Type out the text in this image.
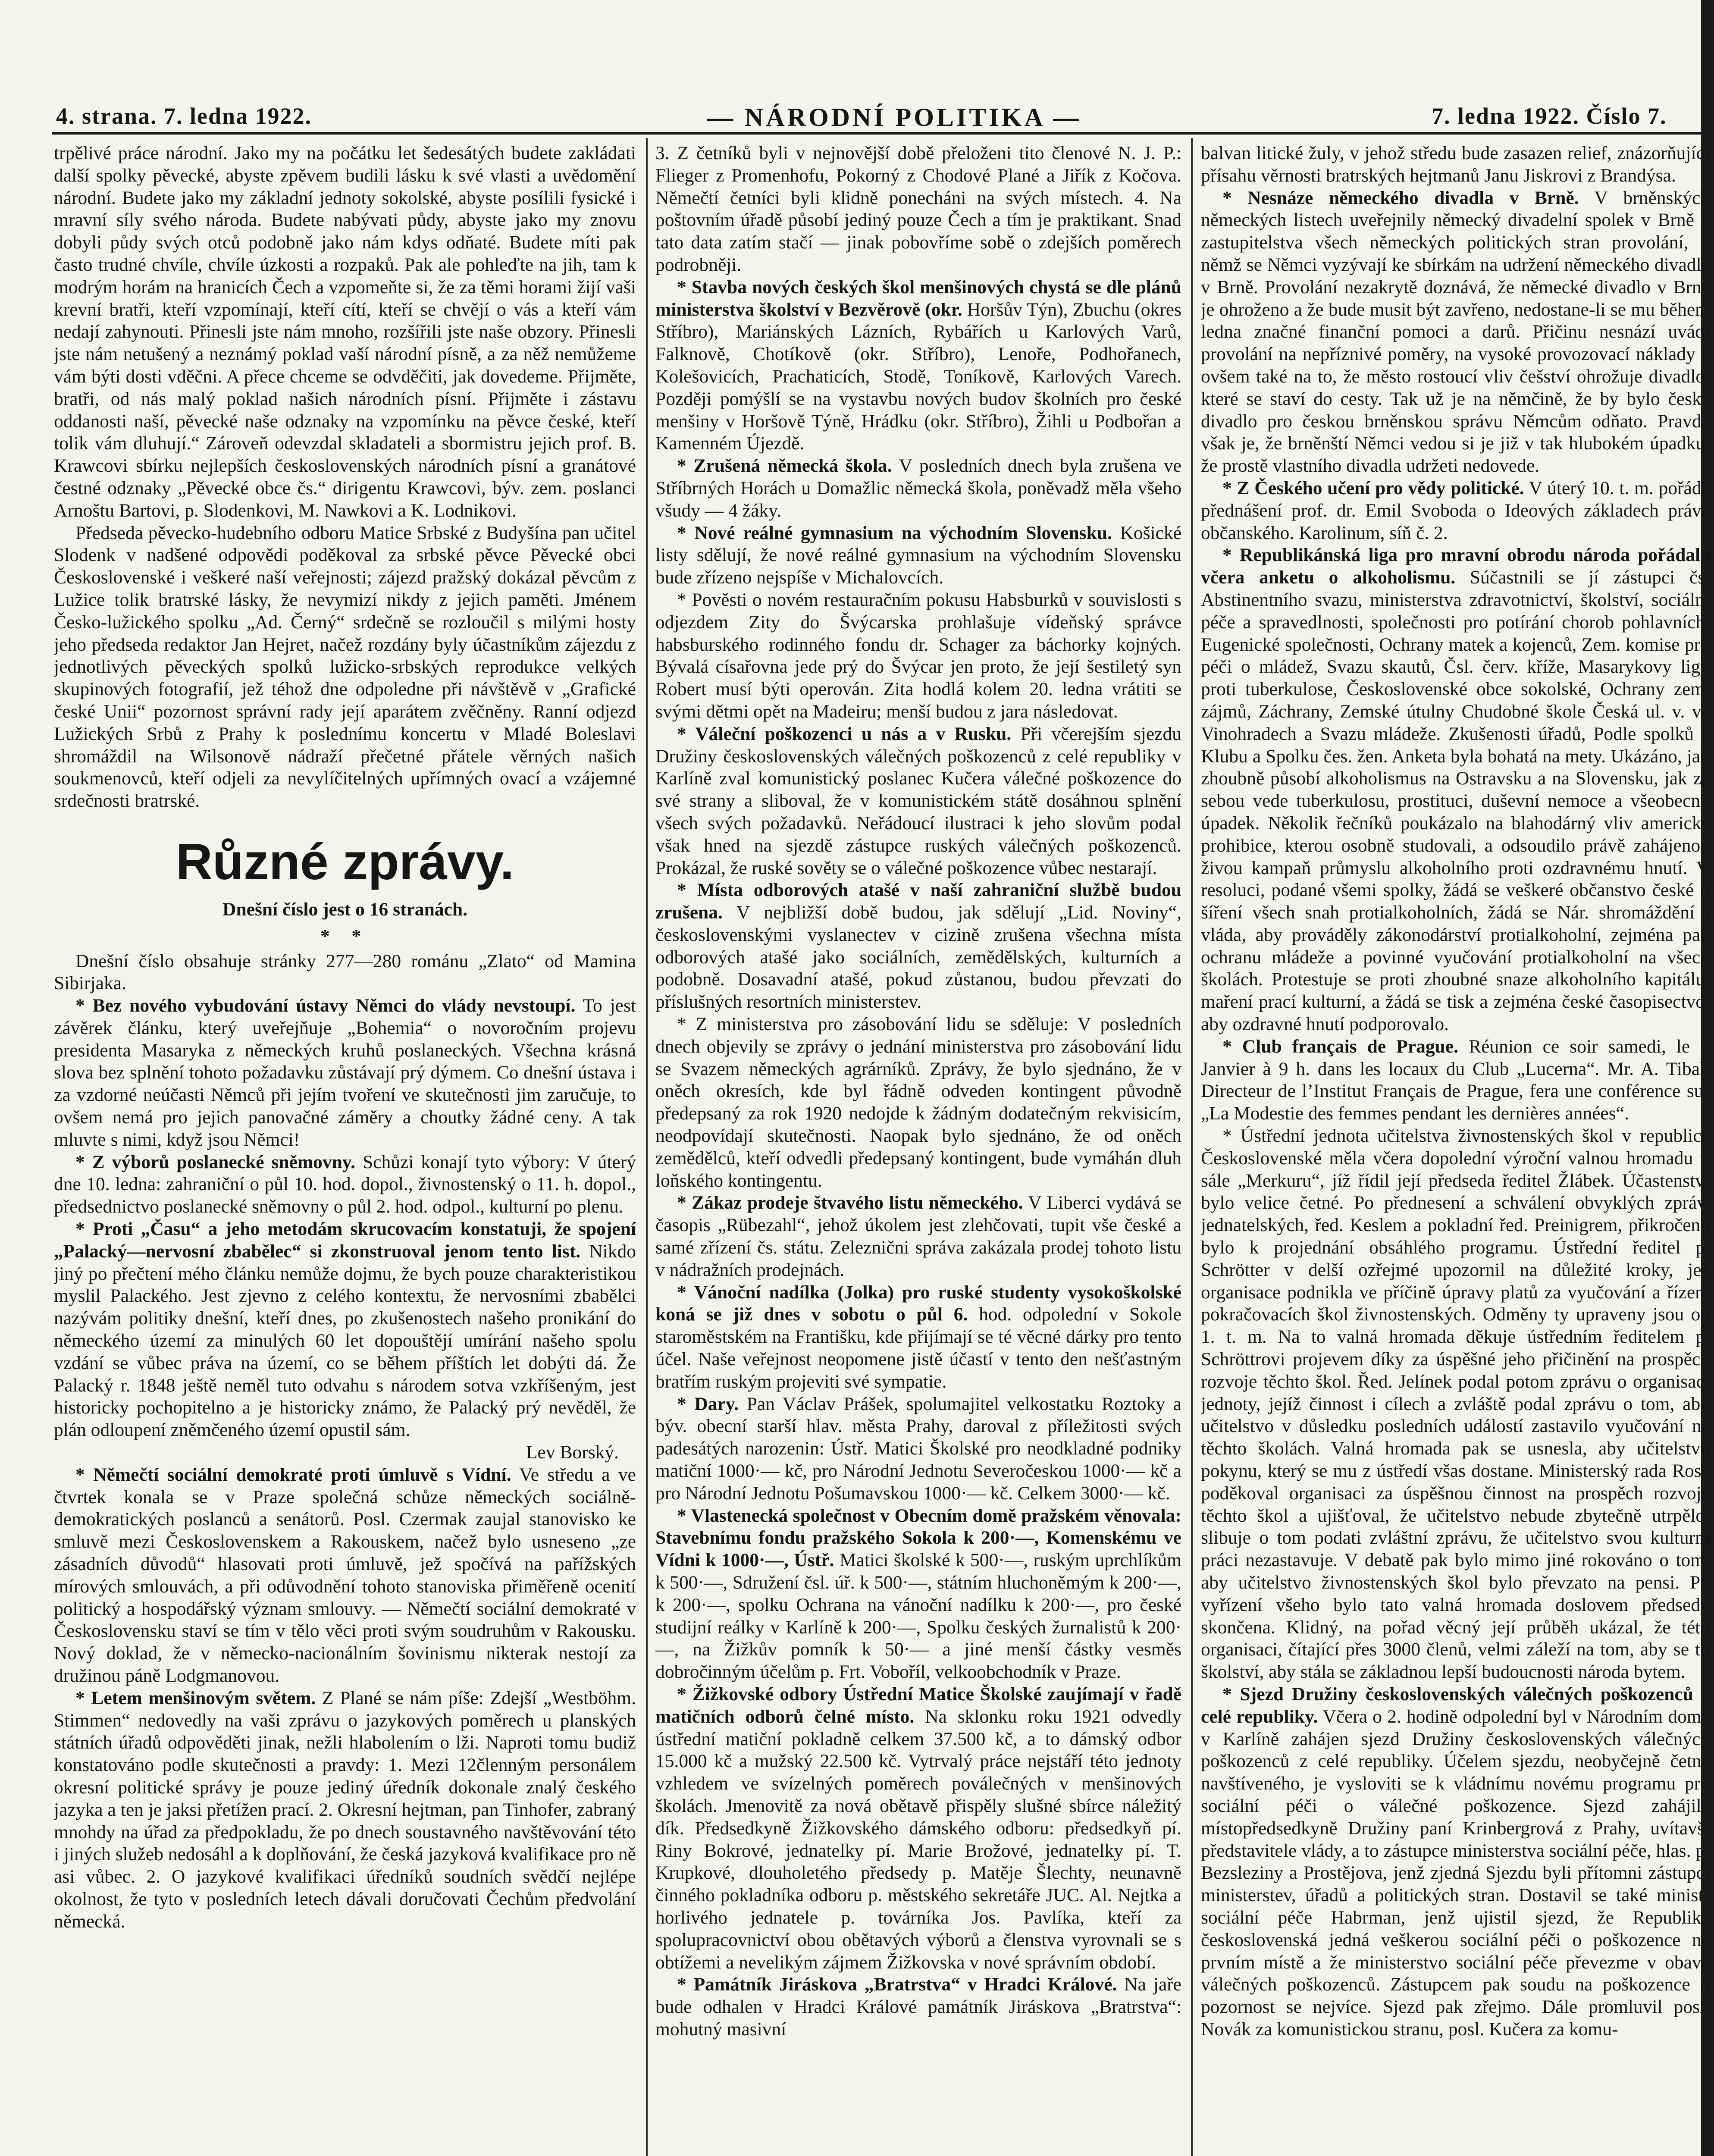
4. strana. 7. ledna 1922.	— NÁRODNÍ POLITIKA —	7. ledna 1922. Číslo 7.

trpělivé práce národní. Jako my na počátku let šedesátých budete zakládati další spolky pěvecké, abyste zpěvem budili lásku k své vlasti a uvědomění národní. Budete jako my základní jednoty sokolské, abyste posílili fysické i mravní síly svého národa. Budete nabývati půdy, abyste jako my znovu dobyli půdy svých otců podobně jako nám kdys odňaté. Budete míti pak často trudné chvíle, chvíle úzkosti a rozpaků. Pak ale pohleďte na jih, tam k modrým horám na hranicích Čech a vzpomeňte si, že za těmi horami žijí vaši krevní bratři, kteří vzpomínají, kteří cítí, kteří se chvějí o vás a kteří vám nedají zahynouti. Přinesli jste nám mnoho, rozšířili jste naše obzory. Přinesli jste nám netušený a neznámý poklad vaší národní písně, a za něž nemůžeme vám býti dosti vděčni. A přece chceme se odvděčiti, jak dovedeme. Přijměte, bratři, od nás malý poklad našich národních písní. Přijměte i zástavu oddanosti naší, pěvecké naše odznaky na vzpomínku na pěvce české, kteří tolik vám dluhují.“ Zároveň odevzdal skladateli a sbormistru jejich prof. B. Krawcovi sbírku nejlepších československých národních písní a granátové čestné odznaky „Pěvecké obce čs.“ dirigentu Krawcovi, býv. zem. poslanci Arnoštu Bartovi, p. Slodenkovi, M. Nawkovi a K. Lodnikovi.

Předseda pěvecko-hudebního odboru Matice Srbské z Budyšína pan učitel Slodenk v nadšené odpovědi poděkoval za srbské pěvce Pěvecké obci Československé i veškeré naší veřejnosti; zájezd pražský dokázal pěvcům z Lužice tolik bratrské lásky, že nevymizí nikdy z jejich paměti. Jménem Česko-lužického spolku „Ad. Černý“ srdečně se rozloučil s milými hosty jeho předseda redaktor Jan Hejret, načež rozdány byly účastníkům zájezdu z jednotlivých pěveckých spolků lužicko-srbských reprodukce velkých skupinových fotografií, jež téhož dne odpoledne při návštěvě v „Grafické české Unii“ pozornost správní rady její aparátem zvěčněny. Ranní odjezd Lužických Srbů z Prahy k poslednímu koncertu v Mladé Boleslavi shromáždil na Wilsonově nádraží přečetné přátele věrných našich soukmenovců, kteří odjeli za nevylíčitelných upřímných ovací a vzájemné srdečnosti bratrské.

Různé zprávy.
Dnešní číslo jest o 16 stranách.
* *

Dnešní číslo obsahuje stránky 277—280 románu „Zlato“ od Mamina Sibirjaka.

* Bez nového vybudování ústavy Němci do vlády nevstoupí. To jest závěrek článku, který uveřejňuje „Bohemia“ o novoročním projevu presidenta Masaryka z německých kruhů poslaneckých. Všechna krásná slova bez splnění tohoto požadavku zůstávají prý dýmem. Co dnešní ústava i za vzdorné neúčasti Němců při jejím tvoření ve skutečnosti jim zaručuje, to ovšem nemá pro jejich panovačné záměry a choutky žádné ceny. A tak mluvte s nimi, když jsou Němci!

* Z výborů poslanecké sněmovny. Schůzi konají tyto výbory: V úterý dne 10. ledna: zahraniční o půl 10. hod. dopol., živnostenský o 11. h. dopol., předsednictvo poslanecké sněmovny o půl 2. hod. odpol., kulturní po plenu.

* Proti „Času“ a jeho metodám skrucovacím konstatuji, že spojení „Palacký—nervosní zbabělec“ si zkonstruoval jenom tento list. Nikdo jiný po přečtení mého článku nemůže dojmu, že bych pouze charakteristikou myslil Palackého. Jest zjevno z celého kontextu, že nervosními zbabělci nazývám politiky dnešní, kteří dnes, po zkušenostech našeho pronikání do německého území za minulých 60 let dopouštějí umírání našeho spolu vzdání se vůbec práva na území, co se během příštích let dobýti dá. Že Palacký r. 1848 ještě neměl tuto odvahu s národem sotva vzkříšeným, jest historicky pochopitelno a je historicky známo, že Palacký prý nevěděl, že plán odloupení zněmčeného území opustil sám.

Lev Borský.

* Němečtí sociální demokraté proti úmluvě s Vídní. Ve středu a ve čtvrtek konala se v Praze společná schůze německých sociálně-demokratických poslanců a senátorů. Posl. Czermak zaujal stanovisko ke smluvě mezi Československem a Rakouskem, načež bylo usneseno „ze zásadních důvodů“ hlasovati proti úmluvě, jež spočívá na pařížských mírových smlouvách, a při odůvodnění tohoto stanoviska přiměřeně ocenití politický a hospodářský význam smlouvy. — Němečtí sociální demokraté v Československu staví se tím v tělo věci proti svým soudruhům v Rakousku. Nový doklad, že v německo-nacionálním šovinismu nikterak nestojí za družinou páně Lodgmanovou.

* Letem menšinovým světem. Z Plané se nám píše: Zdejší „Westböhm. Stimmen“ nedovedly na vaši zprávu o jazykových poměrech u planských státních úřadů odpověděti jinak, nežli hlabolením o lži. Naproti tomu budiž konstatováno podle skutečnosti a pravdy: 1. Mezi 12členným personálem okresní politické správy je pouze jediný úředník dokonale znalý českého jazyka a ten je jaksi přetížen prací. 2. Okresní hejtman, pan Tinhofer, zabraný mnohdy na úřad za předpokladu, že po dnech soustavného navštěvování této i jiných služeb nedosáhl a k doplňování, že česká jazyková kvalifikace pro ně asi vůbec. 2. O jazykové kvalifikaci úředníků soudních svědčí nejlépe okolnost, že tyto v posledních letech dávali doručovati Čechům předvolání německá.

3. Z četníků byli v nejnovější době přeloženi tito členové N. J. P.: Flieger z Promenhofu, Pokorný z Chodové Plané a Jiřík z Kočova. Němečtí četníci byli klidně ponecháni na svých místech. 4. Na poštovním úřadě působí jediný pouze Čech a tím je praktikant. Snad tato data zatím stačí — jinak pobovříme sobě o zdejších poměrech podrobněji.

* Stavba nových českých škol menšinových chystá se dle plánů ministerstva školství v Bezvěrově (okr. Horšův Týn), Zbuchu (okres Stříbro), Mariánských Lázních, Rybářích u Karlových Varů, Falknově, Chotíkově (okr. Stříbro), Lenoře, Podhořanech, Kolešovicích, Prachaticích, Stodě, Toníkově, Karlových Varech. Později pomýšlí se na vystavbu nových budov školních pro české menšiny v Horšově Týně, Hrádku (okr. Stříbro), Žihli u Podbořan a Kamenném Újezdě.

* Zrušená německá škola. V posledních dnech byla zrušena ve Stříbrných Horách u Domažlic německá škola, poněvadž měla všeho všudy — 4 žáky.

* Nové reálné gymnasium na východním Slovensku. Košické listy sdělují, že nové reálné gymnasium na východním Slovensku bude zřízeno nejspíše v Michalovcích.

* Pověsti o novém restauračním pokusu Habsburků v souvislosti s odjezdem Zity do Švýcarska prohlašuje vídeňský správce habsburského rodinného fondu dr. Schager za báchorky kojných. Bývalá císařovna jede prý do Švýcar jen proto, že její šestiletý syn Robert musí býti operován. Zita hodlá kolem 20. ledna vrátiti se svými dětmi opět na Madeiru; menší budou z jara následovat.

* Váleční poškozenci u nás a v Rusku. Při včerejším sjezdu Družiny československých válečných poškozenců z celé republiky v Karlíně zval komunistický poslanec Kučera válečné poškozence do své strany a sliboval, že v komunistickém státě dosáhnou splnění všech svých požadavků. Neřádoucí ilustraci k jeho slovům podal však hned na sjezdě zástupce ruských válečných poškozenců. Prokázal, že ruské sověty se o válečné poškozence vůbec nestarají.

* Místa odborových atašé v naší zahraniční službě budou zrušena. V nejbližší době budou, jak sdělují „Lid. Noviny“, československými vyslanectev v cizině zrušena všechna místa odborových atašé jako sociálních, zemědělských, kulturních a podobně. Dosavadní atašé, pokud zůstanou, budou převzati do příslušných resortních ministerstev.

* Z ministerstva pro zásobování lidu se sděluje: V posledních dnech objevily se zprávy o jednání ministerstva pro zásobování lidu se Svazem německých agrárníků. Zprávy, že bylo sjednáno, že v oněch okresích, kde byl řádně odveden kontingent původně předepsaný za rok 1920 nedojde k žádným dodatečným rekvisicím, neodpovídají skutečnosti. Naopak bylo sjednáno, že od oněch zemědělců, kteří odvedli předepsaný kontingent, bude vymáhán dluh loňského kontingentu.

* Zákaz prodeje štvavého listu německého. V Liberci vydává se časopis „Rübezahl“, jehož úkolem jest zlehčovati, tupit vše české a samé zřízení čs. státu. Zeleznični správa zakázala prodej tohoto listu v nádražních prodejnách.

* Vánoční nadílka (Jolka) pro ruské studenty vysokoškolské koná se již dnes v sobotu o půl 6. hod. odpolední v Sokole staroměstském na Františku, kde přijímají se té věcné dárky pro tento účel. Naše veřejnost neopomene jistě účastí v tento den nešťastným bratřím ruským projeviti své sympatie.

* Dary. Pan Václav Prášek, spolumajitel velkostatku Roztoky a býv. obecní starší hlav. města Prahy, daroval z příležitosti svých padesátých narozenin: Ústř. Matici Školské pro neodkladné podniky matiční 1000·— kč, pro Národní Jednotu Severočeskou 1000·— kč a pro Národní Jednotu Pošumavskou 1000·— kč. Celkem 3000·— kč.

* Vlastenecká společnost v Obecním domě pražském věnovala: Stavebnímu fondu pražského Sokola k 200·—, Komenskému ve Vídni k 1000·—, Ústř. Matici školské k 500·—, ruským uprchlíkům k 500·—, Sdružení čsl. úř. k 500·—, státním hluchoněmým k 200·—, k 200·—, spolku Ochrana na vánoční nadílku k 200·—, pro české studijní reálky v Karlíně k 200·—, Spolku českých žurnalistů k 200·—, na Žižkův pomník k 50·— a jiné menší částky vesměs dobročinným účelům p. Frt. Voboříl, velkoobchodník v Praze.

* Žižkovské odbory Ústřední Matice Školské zaujímají v řadě matičních odborů čelné místo. Na sklonku roku 1921 odvedly ústřední matiční pokladně celkem 37.500 kč, a to dámský odbor 15.000 kč a mužský 22.500 kč. Vytrvalý práce nejstáří této jednoty vzhledem ve svízelných poměrech poválečných v menšinových školách. Jmenovitě za nová obětavě přispěly slušné sbírce náležitý dík. Předsedkyně Žižkovského dámského odboru: předsedkyň pí. Riny Bokrové, jednatelky pí. Marie Brožové, jednatelky pí. T. Krupkové, dlouholetého předsedy p. Matěje Šlechty, neunavně činného pokladníka odboru p. městského sekretáře JUC. Al. Nejtka a horlivého jednatele p. továrníka Jos. Pavlíka, kteří za spolupracovnictví obou obětavých výborů a členstva vyrovnali se s obtížemi a nevelikým zájmem Žižkovska v nové správním období.

* Památník Jiráskova „Bratrstva“ v Hradci Králové. Na jaře bude odhalen v Hradci Králové památník Jiráskova „Bratrstva“: mohutný masivní

balvan litické žuly, v jehož středu bude zasazen relief, znázorňující přísahu věrnosti bratrských hejtmanů Janu Jiskrovi z Brandýsa.

* Nesnáze německého divadla v Brně. V brněnských německých listech uveřejnily německý divadelní spolek v Brně a zastupitelstva všech německých politických stran provolání, v němž se Němci vyzývají ke sbírkám na udržení německého divadla v Brně. Provolání nezakrytě doznává, že německé divadlo v Brně je ohroženo a že bude musit být zavřeno, nedostane-li se mu během ledna značné finanční pomoci a darů. Přičinu nesnází uvádí provolání na nepříznivé poměry, na vysoké provozovací náklady a ovšem také na to, že město rostoucí vliv češství ohrožuje divadlo, které se staví do cesty. Tak už je na němčině, že by bylo české divadlo pro českou brněnskou správu Němcům odňato. Pravda však je, že brněnští Němci vedou si je již v tak hlubokém úpadku, že prostě vlastního divadla udržeti nedovede.

* Z Českého učení pro vědy politické. V úterý 10. t. m. pořádá přednášení prof. dr. Emil Svoboda o Ideových základech práva občanského. Karolinum, síň č. 2.

* Republikánská liga pro mravní obrodu národa pořádala včera anketu o alkoholismu. Súčastnili se jí zástupci čs. Abstinentního svazu, ministerstva zdravotnictví, školství, sociální péče a spravedlnosti, společnosti pro potírání chorob pohlavních, Eugenické společnosti, Ochrany matek a kojenců, Zem. komise pro péči o mládež, Svazu skautů, Čsl. červ. kříže, Masarykovy ligy proti tuberkulose, Československé obce sokolské, Ochrany zem. zájmů, Záchrany, Zemské útulny Chudobné škole Česká ul. v. ve Vinohradech a Svazu mládeže. Zkušenosti úřadů, Podle spolků a Klubu a Spolku čes. žen. Anketa byla bohatá na mety. Ukázáno, jak zhoubně působí alkoholismus na Ostravsku a na Slovensku, jak za sebou vede tuberkulosu, prostituci, duševní nemoce a všeobecný úpadek. Několik řečníků poukázalo na blahodárný vliv americké prohibice, kterou osobně studovali, a odsoudilo právě zahájenou živou kampaň průmyslu alkoholního proti ozdravnému hnutí. V resoluci, podané všemi spolky, žádá se veškeré občanstvo české o šíření všech snah protialkoholních, žádá se Nár. shromáždění i vláda, aby prováděly zákonodárství protialkoholní, zejména pak ochranu mládeže a povinné vyučování protialkoholní na všech školách. Protestuje se proti zhoubné snaze alkoholního kapitálu, maření prací kulturní, a žádá se tisk a zejména české časopisectvo, aby ozdravné hnutí podporovalo.

* Club français de Prague. Réunion ce soir samedi, le 7 Janvier à 9 h. dans les locaux du Club „Lucerna“. Mr. A. Tibal, Directeur de l’Institut Français de Prague, fera une conférence sur „La Modestie des femmes pendant les dernières années“.

* Ústřední jednota učitelstva živnostenských škol v republice Československé měla včera dopolední výroční valnou hromadu v sále „Merkuru“, jíž řídil její předseda ředitel Žlábek. Účastenství bylo velice četné. Po přednesení a schválení obvyklých zpráv, jednatelských, řed. Keslem a pokladní řed. Preinigrem, přikročeno bylo k projednání obsáhlého programu. Ústřední ředitel p. Schrötter v delší ozřejmé upozornil na důležité kroky, jež organisace podnikla ve příčině úpravy platů za vyučování a řízení pokračovacích škol živnostenských. Odměny ty upraveny jsou od 1. t. m. Na to valná hromada děkuje ústředním ředitelem p. Schröttrovi projevem díky za úspěšné jeho přičinění na prospěch rozvoje těchto škol. Řed. Jelínek podal potom zprávu o organisaci jednoty, jejíž činnost i cílech a zvláště podal zprávu o tom, aby učitelstvo v důsledku posledních událostí zastavilo vyučování na těchto školách. Valná hromada pak se usnesla, aby učitelstvo pokynu, který se mu z ústředí všas dostane. Ministerský rada Rosa poděkoval organisaci za úspěšnou činnost na prospěch rozvoje těchto škol a ujišťoval, že učitelstvo nebude zbytečně utrpělo, slibuje o tom podati zvláštní zprávu, že učitelstvo svou kulturní práci nezastavuje. V debatě pak bylo mimo jiné rokováno o tom, aby učitelstvo živnostenských škol bylo převzato na pensi. Po vyřízení všeho bylo tato valná hromada doslovem předsedy skončena. Klidný, na pořad věcný její průběh ukázal, že této organisaci, čítající přes 3000 členů, velmi záleží na tom, aby se to školství, aby stála se základnou lepší budoucnosti národa bytem.

* Sjezd Družiny československých válečných poškozenců z celé republiky. Včera o 2. hodině odpolední byl v Národním domě v Karlíně zahájen sjezd Družiny československých válečných poškozenců z celé republiky. Účelem sjezdu, neobyčejně četně navštíveného, je vysloviti se k vládnímu novému programu pro sociální péči o válečné poškozence. Sjezd zahájila místopředsedkyně Družiny paní Krinbergrová z Prahy, uvítavši představitele vlády, a to zástupce ministerstva sociální péče, hlas. p. Bezsleziny a Prostějova, jenž zjedná Sjezdu byli přítomni zástupci ministerstev, úřadů a politických stran. Dostavil se také ministr sociální péče Habrman, jenž ujistil sjezd, že Republika československá jedná veškerou sociální péči o poškozence na prvním místě a že ministerstvo sociální péče převezme v obavě válečných poškozenců. Zástupcem pak soudu na poškozence o pozornost se nejvíce. Sjezd pak zřejmo. Dále promluvil posl. Novák za komunistickou stranu, posl. Kučera za komu-
